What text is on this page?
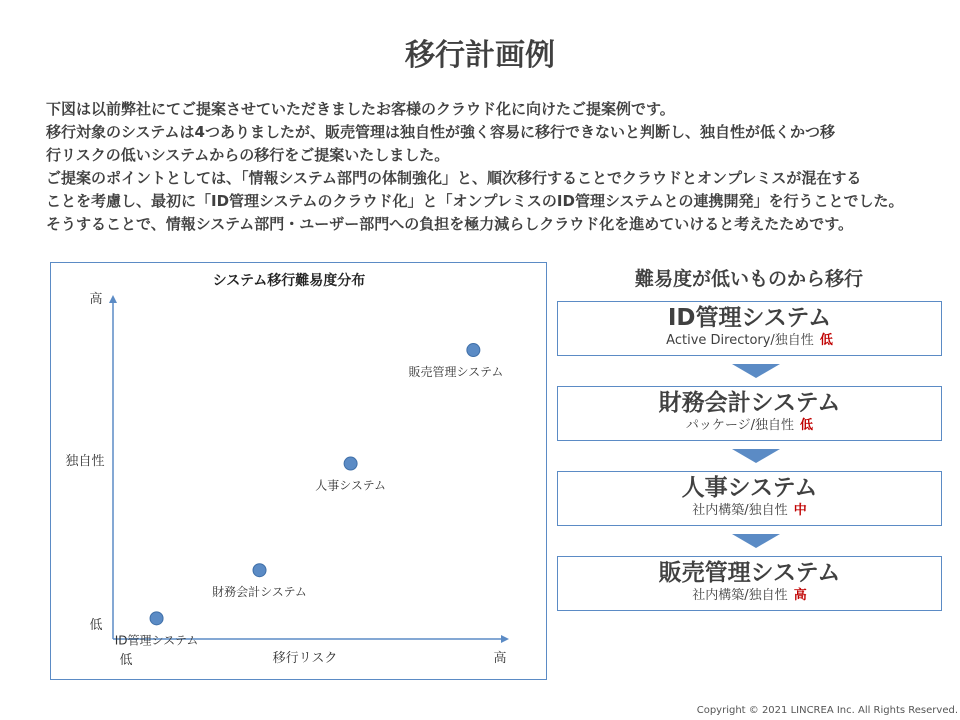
移行計画例
下図は以前弊社にてご提案させていただきましたお客様のクラウド化に向けたご提案例です。
移行対象のシステムは4つありましたが、販売管理は独自性が強く容易に移行できないと判断し、独自性が低くかつ移
行リスクの低いシステムからの移行をご提案いたしました。
ご提案のポイントとしては、「情報システム部門の体制強化」と、順次移行することでクラウドとオンプレミスが混在する
ことを考慮し、最初に「ID管理システムのクラウド化」と「オンプレミスのID管理システムとの連携開発」を行うことでした。
そうすることで、情報システム部門・ユーザー部門への負担を極力減らしクラウド化を進めていけると考えたためです。
システム移行難易度分布
高
独自性
低
低	移行リスク	高
ID管理システム
財務会計システム
人事システム
販売管理システム
難易度が低いものから移行
ID管理システム
Active Directory/独自性 低
財務会計システム
パッケージ/独自性 低
人事システム
社内構築/独自性 中
販売管理システム
社内構築/独自性 高
Copyright © 2021 LINCREA Inc. All Rights Reserved.
